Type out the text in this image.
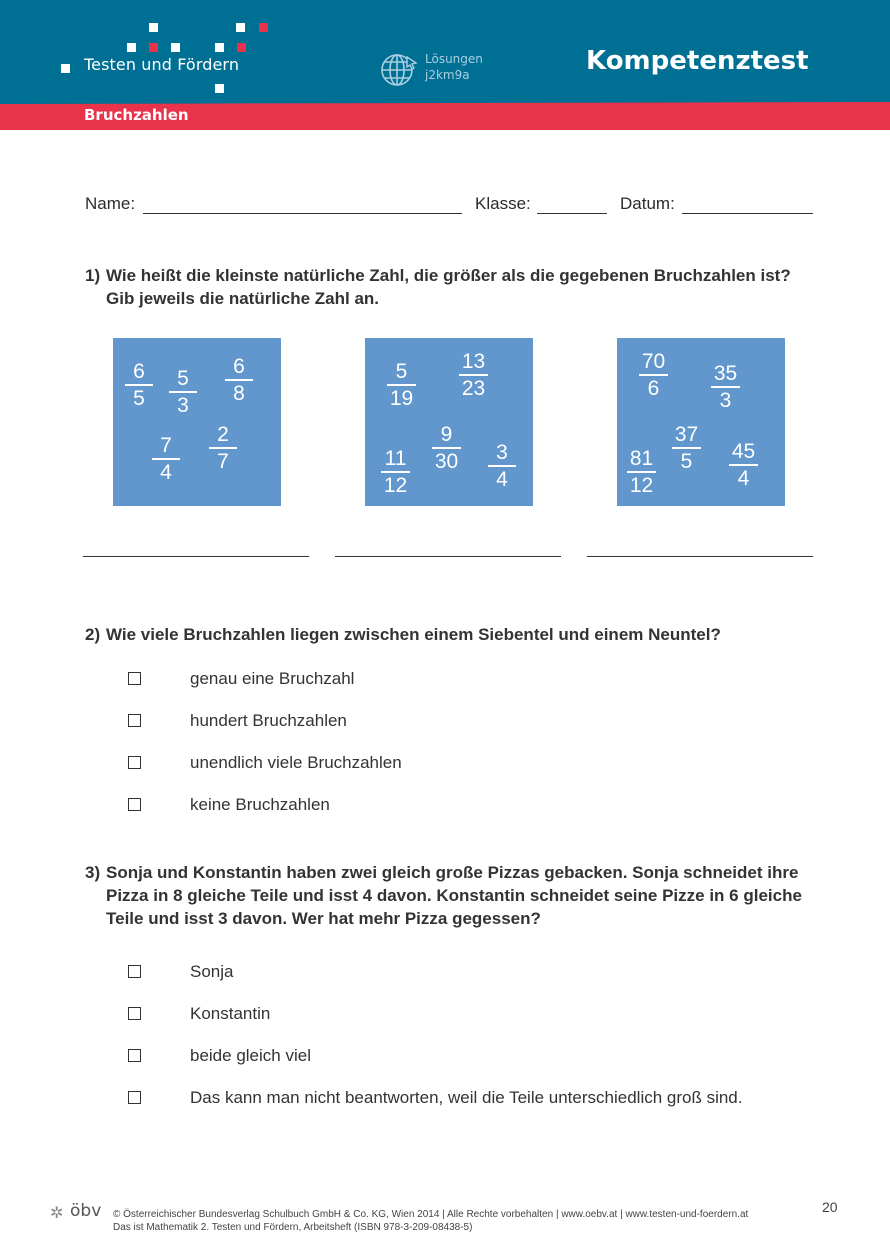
Testen und Fördern	Lösungen
j2km9a	Kompetenztest
Bruchzahlen
Name:	Klasse:	Datum:
1) Wie heißt die kleinste natürliche Zahl, die größer als die gegebenen Bruchzahlen ist? Gib jeweils die natürliche Zahl an.
6
5
5
3
6
8
7
4
2
7
5
19
13
23
9
30
11
12
3
4
70
6
35
3
37
5
81
12
45
4
2) Wie viele Bruchzahlen liegen zwischen einem Siebentel und einem Neuntel?
genau eine Bruchzahl
hundert Bruchzahlen
unendlich viele Bruchzahlen
keine Bruchzahlen
3) Sonja und Konstantin haben zwei gleich große Pizzas gebacken. Sonja schneidet ihre Pizza in 8 gleiche Teile und isst 4 davon. Konstantin schneidet seine Pizze in 6 gleiche Teile und isst 3 davon. Wer hat mehr Pizza gegessen?
Sonja
Konstantin
beide gleich viel
Das kann man nicht beantworten, weil die Teile unterschiedlich groß sind.
✲ öbv © Österreichischer Bundesverlag Schulbuch GmbH & Co. KG, Wien 2014 | Alle Rechte vorbehalten | www.oebv.at | www.testen-und-foerdern.at
Das ist Mathematik 2. Testen und Fördern, Arbeitsheft (ISBN 978-3-209-08438-5)
20
